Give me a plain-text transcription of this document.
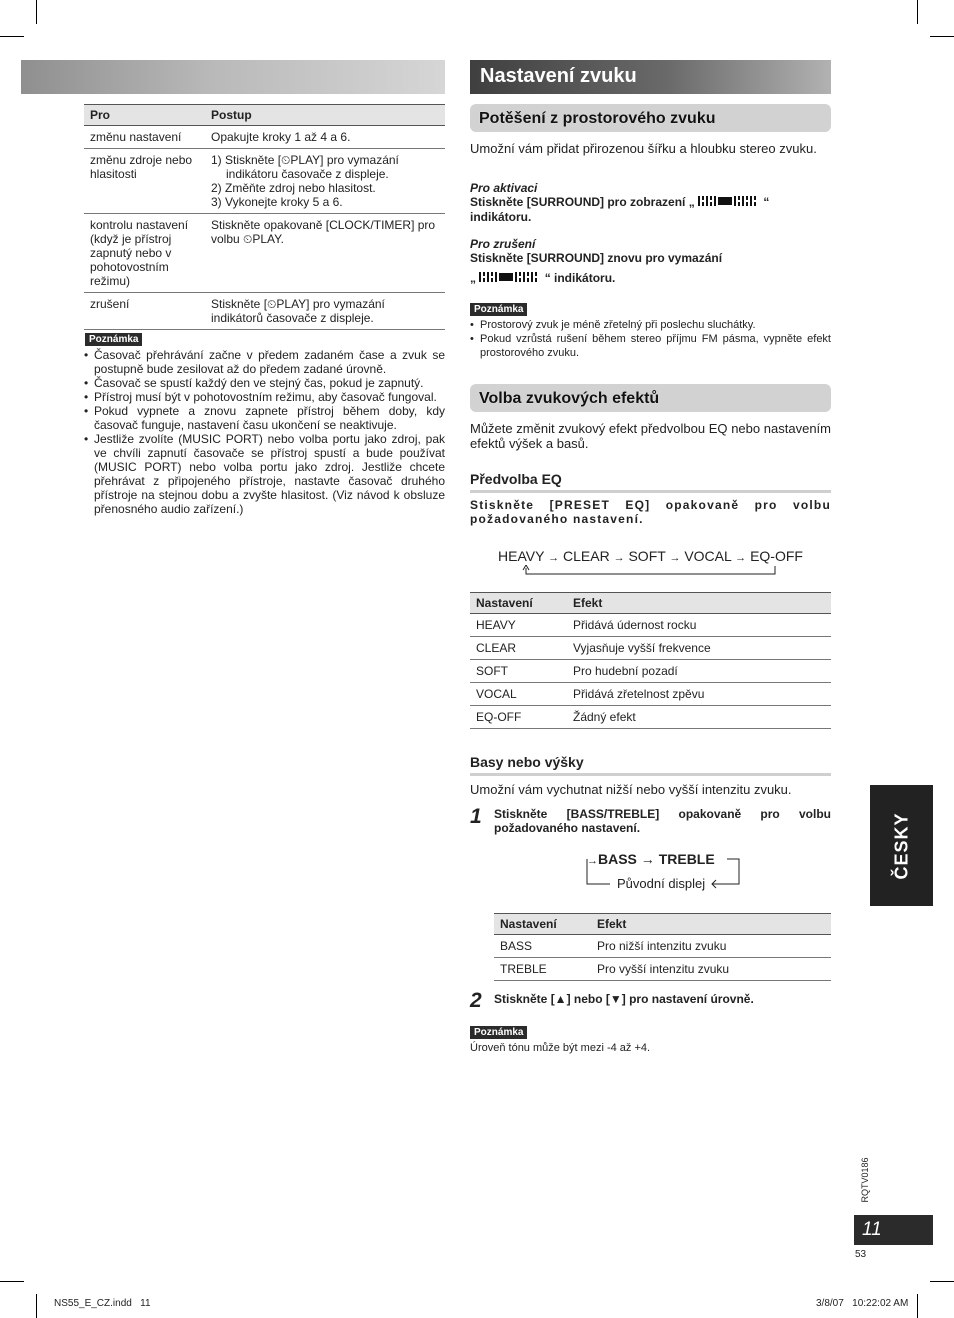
Pro	Postup
změnu nastavení	Opakujte kroky 1 až 4 a 6.
změnu zdroje nebo hlasitosti	1) Stiskněte [⏲PLAY] pro vymazání indikátoru časovače z displeje.
2) Změňte zdroj nebo hlasitost.
3) Vykonejte kroky 5 a 6.

kontrolu nastavení (když je přístroj zapnutý nebo v pohotovostním režimu)	Stiskněte opakovaně [CLOCK/TIMER] pro volbu ⏲PLAY.
zrušení	Stiskněte [⏲PLAY] pro vymazání indikátorů časovače z displeje.
Poznámka
• Časovač přehrávání začne v předem zadaném čase a zvuk se postupně bude zesilovat až do předem zadané úrovně.
• Časovač se spustí každý den ve stejný čas, pokud je zapnutý.
• Přístroj musí být v pohotovostním režimu, aby časovač fungoval.
• Pokud vypnete a znovu zapnete přístroj během doby, kdy časovač funguje, nastavení času ukončení se neaktivuje.
• Jestliže zvolíte (MUSIC PORT) nebo volba portu jako zdroj, pak ve chvíli zapnutí časovače se přístroj spustí a bude používat (MUSIC PORT) nebo volba portu jako zdroj. Jestliže chcete přehrávat z připojeného přístroje, nastavte časovač druhého přístroje na stejnou dobu a zvyšte hlasitost. (Viz návod k obsluze přenosného audio zařízení.)
Nastavení zvuku
Potěšení z prostorového zvuku
Umožní vám přidat přirozenou šířku a hloubku stereo zvuku.
Pro aktivaci
Stiskněte [SURROUND] pro zobrazení „	“ indikátoru.
Pro zrušení
Stiskněte [SURROUND] znovu pro vymazání
„	“ indikátoru.
Poznámka
• Prostorový zvuk je méně zřetelný při poslechu sluchátky.
• Pokud vzrůstá rušení během stereo příjmu FM pásma, vypněte efekt prostorového zvuku.
Volba zvukových efektů
Můžete změnit zvukový efekt předvolbou EQ nebo nastavením efektů výšek a basů.
Předvolba EQ
Stiskněte [PRESET EQ] opakovaně pro volbu požadovaného nastavení.
HEAVY → CLEAR → SOFT → VOCAL → EQ-OFF
Nastavení	Efekt
HEAVY	Přidává údernost rocku
CLEAR	Vyjasňuje vyšší frekvence
SOFT	Pro hudební pozadí
VOCAL	Přidává zřetelnost zpěvu
EQ-OFF	Žádný efekt
Basy nebo výšky
Umožní vám vychutnat nižší nebo vyšší intenzitu zvuku.
1 Stiskněte [BASS/TREBLE] opakovaně pro volbu požadovaného nastavení.
→BASS → TREBLE
Původní displej
Nastavení	Efekt
BASS	Pro nižší intenzitu zvuku
TREBLE	Pro vyšší intenzitu zvuku
2 Stiskněte [▲] nebo [▼] pro nastavení úrovně.
Poznámka
Úroveň tónu může být mezi -4 až +4.
ČESKY
RQTV0186
11
53
NS55_E_CZ.indd   11	3/8/07   10:22:02 AM
